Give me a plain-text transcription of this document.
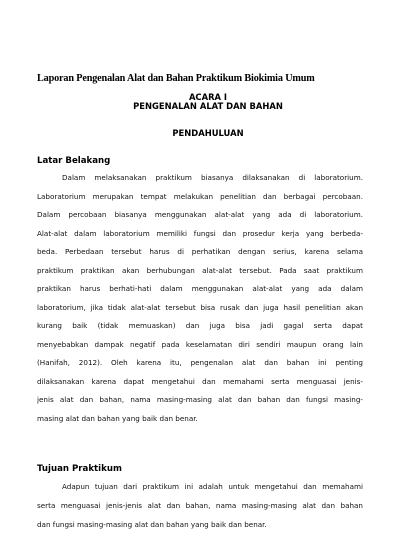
Laporan Pengenalan Alat dan Bahan Praktikum Biokimia Umum
ACARA I
PENGENALAN ALAT DAN BAHAN
PENDAHULUAN
Latar Belakang
Dalam melaksanakan praktikum biasanya dilaksanakan di laboratorium.
Laboratorium merupakan tempat melakukan penelitian dan berbagai percobaan.
Dalam percobaan biasanya menggunakan alat-alat yang ada di laboratorium.
Alat-alat dalam laboratorium memiliki fungsi dan prosedur kerja yang berbeda-
beda. Perbedaan tersebut harus di perhatikan dengan serius, karena selama
praktikum praktikan akan berhubungan alat-alat tersebut. Pada saat praktikum
praktikan harus berhati-hati dalam menggunakan alat-alat yang ada dalam
laboratorium, jika tidak alat-alat tersebut bisa rusak dan juga hasil penelitian akan
kurang baik (tidak memuaskan) dan juga bisa jadi gagal serta dapat
menyebabkan dampak negatif pada keselamatan diri sendiri maupun orang lain
(Hanifah, 2012). Oleh karena itu, pengenalan alat dan bahan ini penting
dilaksanakan karena dapat mengetahui dan memahami serta menguasai jenis-
jenis alat dan bahan, nama masing-masing alat dan bahan dan fungsi masing-
masing alat dan bahan yang baik dan benar.
Tujuan Praktikum
Adapun tujuan dari praktikum ini adalah untuk mengetahui dan memahami
serta menguasai jenis-jenis alat dan bahan, nama masing-masing alat dan bahan
dan fungsi masing-masing alat dan bahan yang baik dan benar.
